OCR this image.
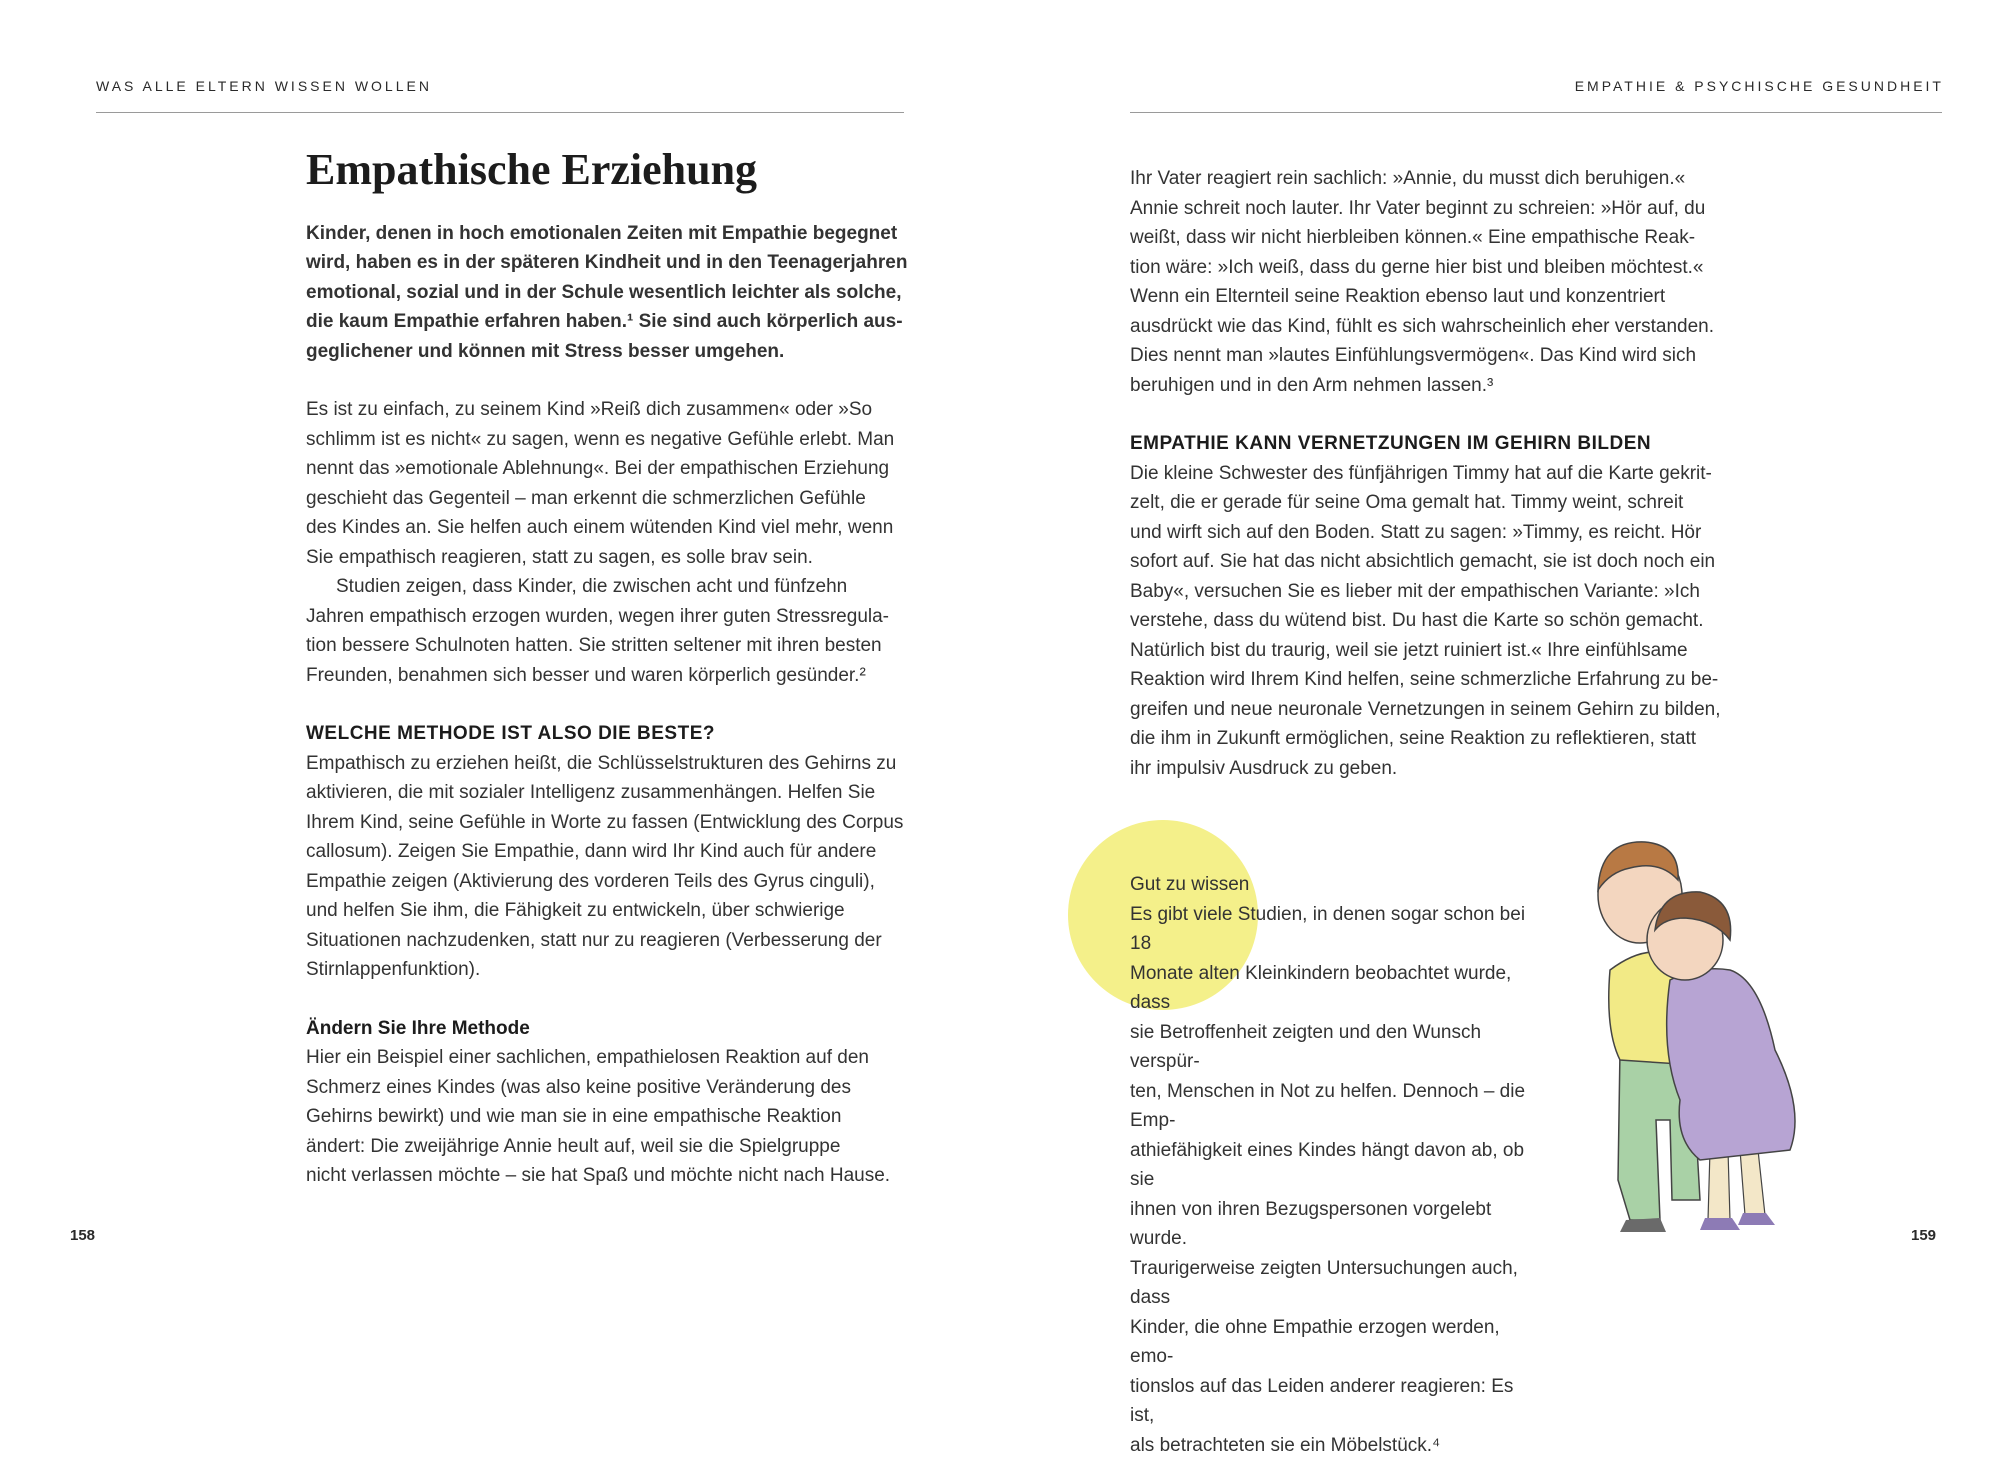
WAS ALLE ELTERN WISSEN WOLLEN
Empathische Erziehung

Kinder, denen in hoch emotionalen Zeiten mit Empathie begegnet

wird, haben es in der späteren Kindheit und in den Teenagerjahren

emotional, sozial und in der Schule wesentlich leichter als solche,

die kaum Empathie erfahren haben.¹ Sie sind auch körperlich aus-

geglichener und können mit Stress besser umgehen.

Es ist zu einfach, zu seinem Kind »Reiß dich zusammen« oder »So

schlimm ist es nicht« zu sagen, wenn es negative Gefühle erlebt. Man

nennt das »emotionale Ablehnung«. Bei der empathischen Erziehung

geschieht das Gegenteil – man erkennt die schmerzlichen Gefühle

des Kindes an. Sie helfen auch einem wütenden Kind viel mehr, wenn

Sie empathisch reagieren, statt zu sagen, es solle brav sein.

Studien zeigen, dass Kinder, die zwischen acht und fünfzehn

Jahren empathisch erzogen wurden, wegen ihrer guten Stressregula-

tion bessere Schulnoten hatten. Sie stritten seltener mit ihren besten

Freunden, benahmen sich besser und waren körperlich gesünder.²

WELCHE METHODE IST ALSO DIE BESTE?

Empathisch zu erziehen heißt, die Schlüsselstrukturen des Gehirns zu

aktivieren, die mit sozialer Intelligenz zusammenhängen. Helfen Sie

Ihrem Kind, seine Gefühle in Worte zu fassen (Entwicklung des Corpus

callosum). Zeigen Sie Empathie, dann wird Ihr Kind auch für andere

Empathie zeigen (Aktivierung des vorderen Teils des Gyrus cinguli),

und helfen Sie ihm, die Fähigkeit zu entwickeln, über schwierige

Situationen nachzudenken, statt nur zu reagieren (Verbesserung der

Stirnlappenfunktion).

Ändern Sie Ihre Methode

Hier ein Beispiel einer sachlichen, empathielosen Reaktion auf den

Schmerz eines Kindes (was also keine positive Veränderung des

Gehirns bewirkt) und wie man sie in eine empathische Reaktion

ändert: Die zweijährige Annie heult auf, weil sie die Spielgruppe

nicht verlassen möchte – sie hat Spaß und möchte nicht nach Hause.

158
EMPATHIE & PSYCHISCHE GESUNDHEIT

Ihr Vater reagiert rein sachlich: »Annie, du musst dich beruhigen.«

Annie schreit noch lauter. Ihr Vater beginnt zu schreien: »Hör auf, du

weißt, dass wir nicht hierbleiben können.« Eine empathische Reak-

tion wäre: »Ich weiß, dass du gerne hier bist und bleiben möchtest.«

Wenn ein Elternteil seine Reaktion ebenso laut und konzentriert

ausdrückt wie das Kind, fühlt es sich wahrscheinlich eher verstanden.

Dies nennt man »lautes Einfühlungsvermögen«. Das Kind wird sich

beruhigen und in den Arm nehmen lassen.³

EMPATHIE KANN VERNETZUNGEN IM GEHIRN BILDEN

Die kleine Schwester des fünfjährigen Timmy hat auf die Karte gekrit-

zelt, die er gerade für seine Oma gemalt hat. Timmy weint, schreit

und wirft sich auf den Boden. Statt zu sagen: »Timmy, es reicht. Hör

sofort auf. Sie hat das nicht absichtlich gemacht, sie ist doch noch ein

Baby«, versuchen Sie es lieber mit der empathischen Variante: »Ich

verstehe, dass du wütend bist. Du hast die Karte so schön gemacht.

Natürlich bist du traurig, weil sie jetzt ruiniert ist.« Ihre einfühlsame

Reaktion wird Ihrem Kind helfen, seine schmerzliche Erfahrung zu be-

greifen und neue neuronale Vernetzungen in seinem Gehirn zu bilden,

die ihm in Zukunft ermöglichen, seine Reaktion zu reflektieren, statt

ihr impulsiv Ausdruck zu geben.

Gut zu wissen

Es gibt viele Studien, in denen sogar schon bei 18

Monate alten Kleinkindern beobachtet wurde, dass

sie Betroffenheit zeigten und den Wunsch verspür-

ten, Menschen in Not zu helfen. Dennoch – die Emp-

athiefähigkeit eines Kindes hängt davon ab, ob sie

ihnen von ihren Bezugspersonen vorgelebt wurde.

Traurigerweise zeigten Untersuchungen auch, dass

Kinder, die ohne Empathie erzogen werden, emo-

tionslos auf das Leiden anderer reagieren: Es ist,

als betrachteten sie ein Möbelstück.⁴

159
